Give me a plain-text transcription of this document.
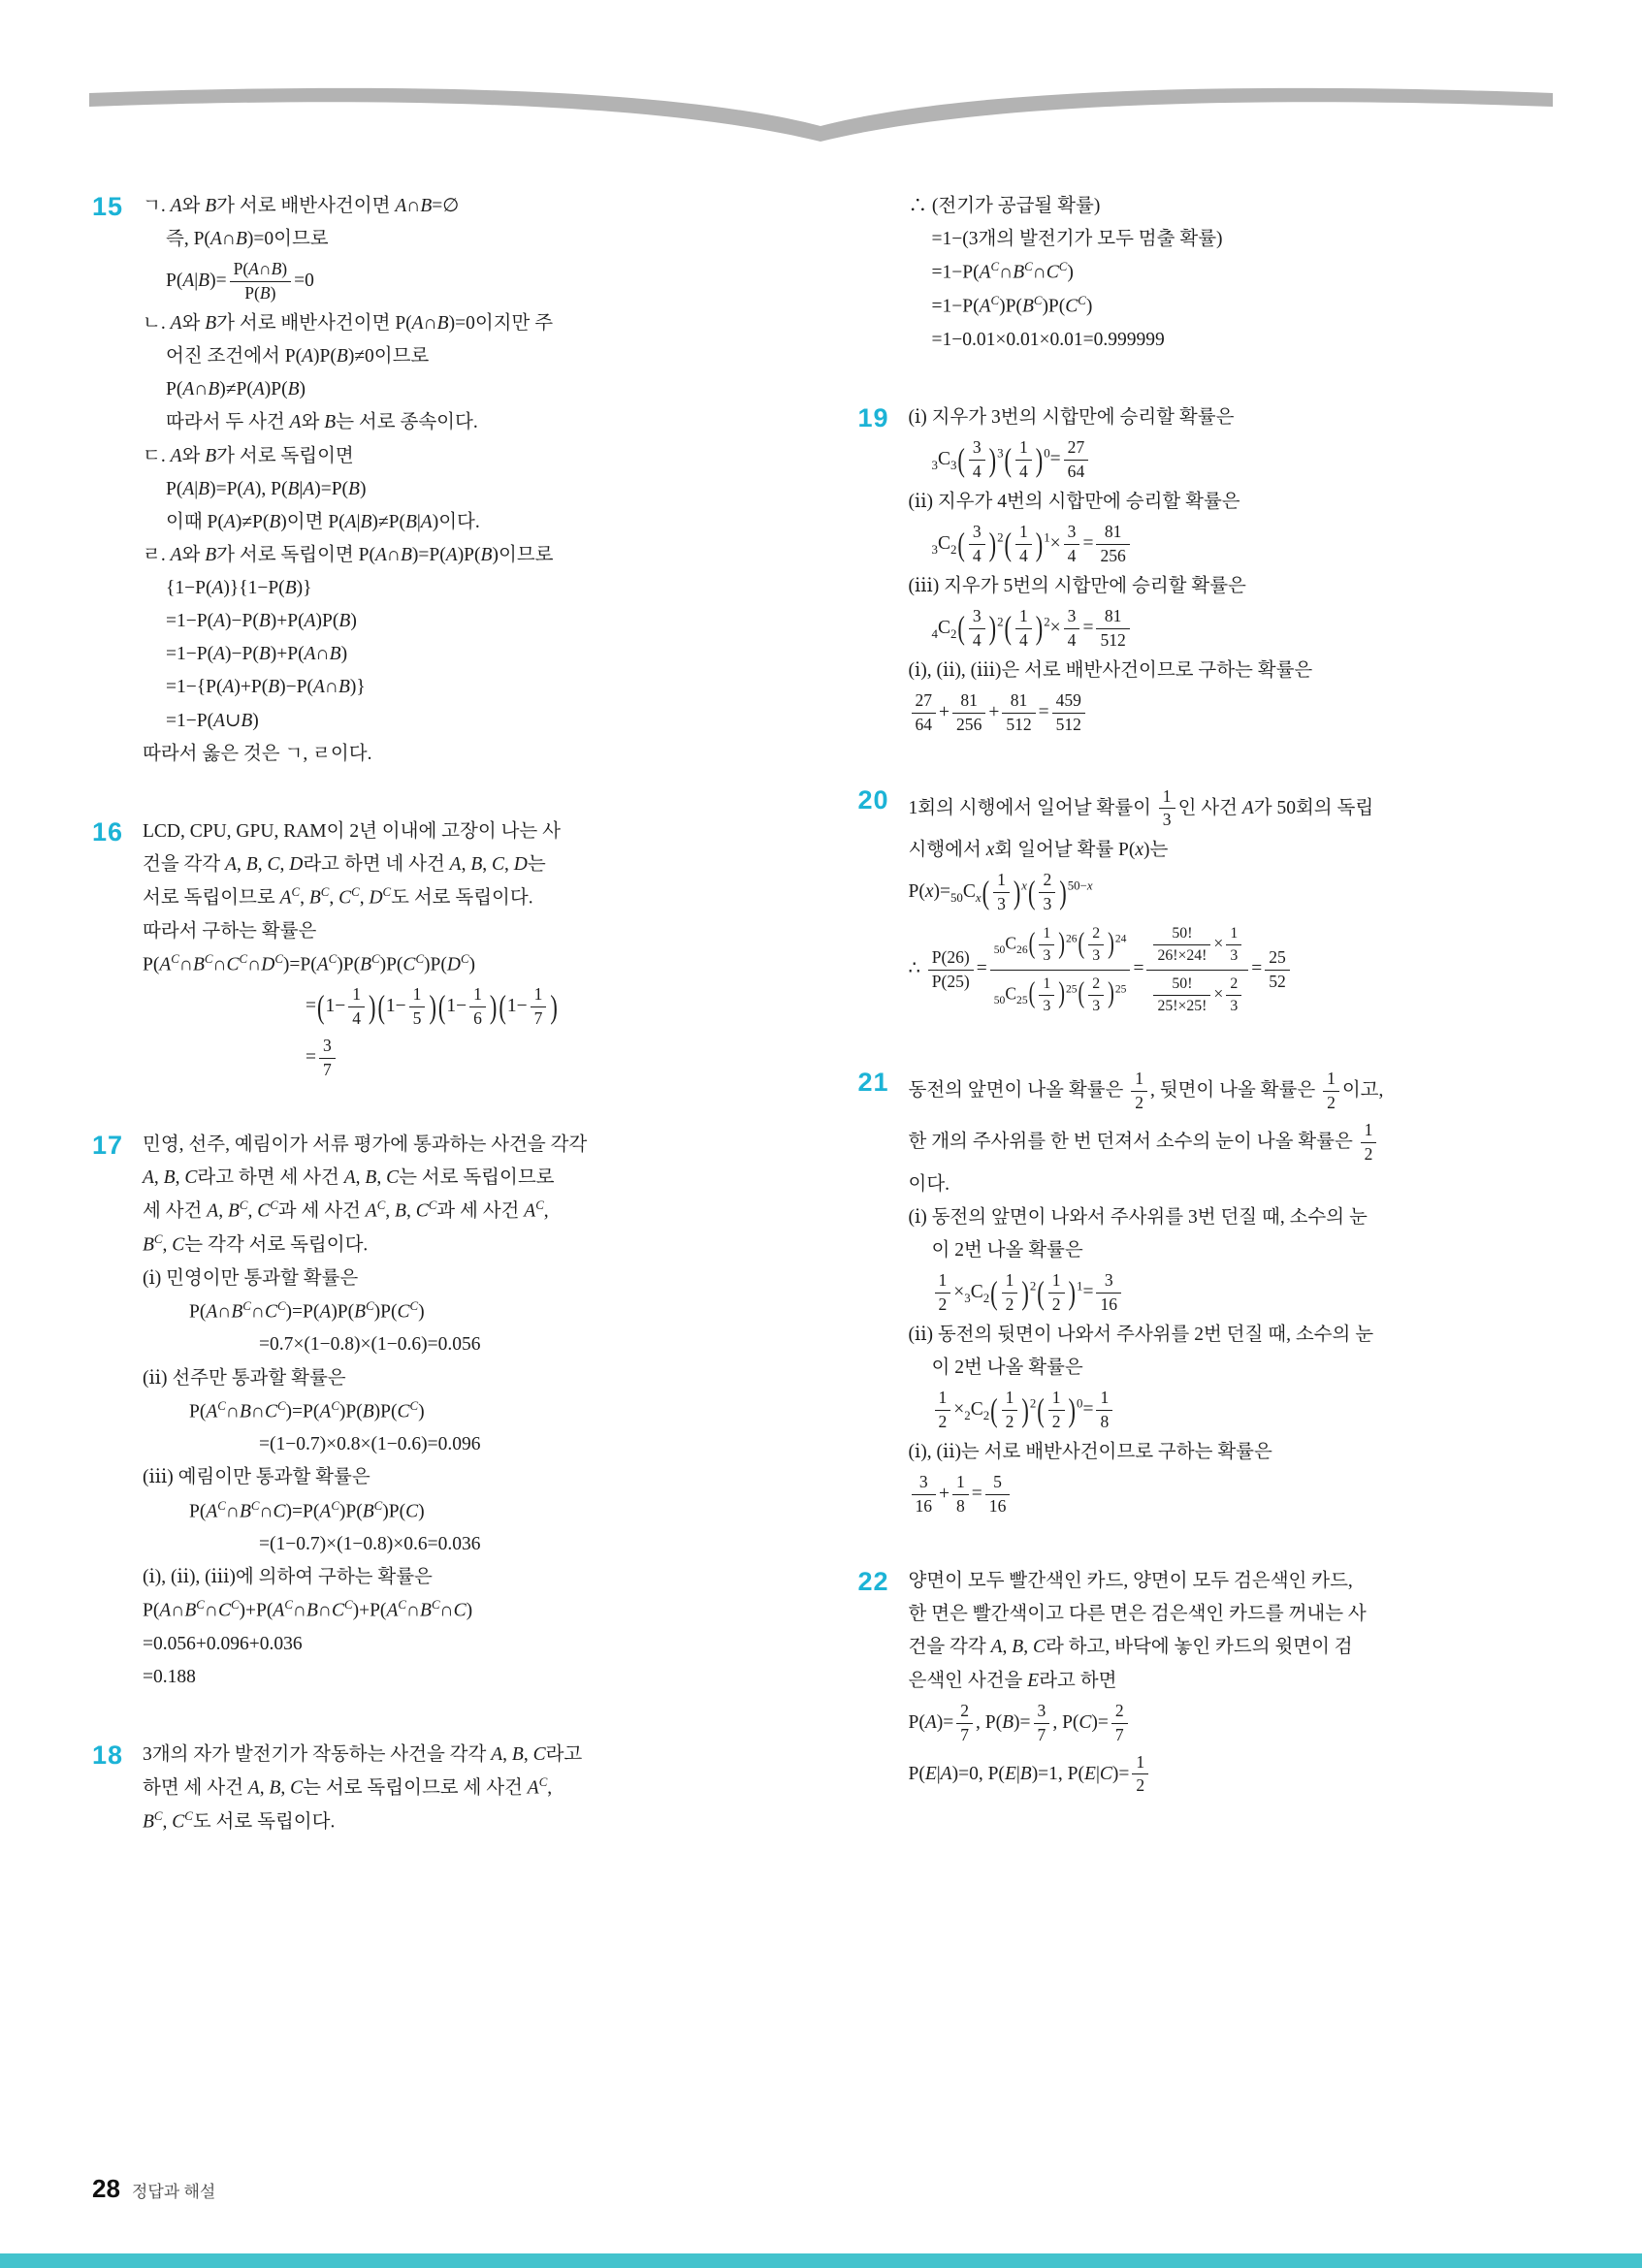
15 ㄱ. A와 B가 서로 배반사건이면 A∩B=∅
즉, P(A∩B)=0이므로
$P(A|B)= \frac{P(A\cap B)}{P(B)} =0$
ㄴ. A와 B가 서로 배반사건이면 P(A∩B)=0이지만 주
어진 조건에서 P(A)P(B)≠0이므로
P(A∩B)≠P(A)P(B)
따라서 두 사건 A와 B는 서로 종속이다.
ㄷ. A와 B가 서로 독립이면
P(A|B)=P(A), P(B|A)=P(B)
이때 P(A)≠P(B)이면 P(A|B)≠P(B|A)이다.
ㄹ. A와 B가 서로 독립이면 P(A∩B)=P(A)P(B)이므로
{1−P(A)}{1−P(B)}
=1−P(A)−P(B)+P(A)P(B)
=1−P(A)−P(B)+P(A∩B)
=1−{P(A)+P(B)−P(A∩B)}
=1−P(A∪B)
따라서 옳은 것은 ㄱ, ㄹ이다.
16 LCD, CPU, GPU, RAM이 2년 이내에 고장이 나는 사
건을 각각 A, B, C, D라고 하면 네 사건 A, B, C, D는
서로 독립이므로 $A^C$, $B^C$, $C^C$, $D^C$도 서로 독립이다.
따라서 구하는 확률은
$P(A^C\cap B^C\cap C^C\cap D^C)=P(A^C)P(B^C)P(C^C)P(D^C)$
$=(1- \frac{1}{4} )(1- \frac{1}{5} )(1- \frac{1}{6} )(1- \frac{1}{7}$ )
= $\frac{3}{7}$
17 민영, 선주, 예림이가 서류 평가에 통과하는 사건을 각각
A, B, C라고 하면 세 사건 A, B, C는 서로 독립이므로
세 사건 A, $B^C$, $C^C$과 세 사건 $A^C$, B, $C^C$과 세 사건 $A^C$,
$B^C$, C는 각각 서로 독립이다.
(ⅰ) 민영이만 통과할 확률은
$P(A\cap B^C\cap C^C)=P(A)P(B^C)P(C^C)$
=0.7×(1−0.8)×(1−0.6)=0.056
(ⅱ) 선주만 통과할 확률은
$P(A^C\cap B\cap C^C)=P(A^C)P(B)P(C^C)$
=(1−0.7)×0.8×(1−0.6)=0.096
(ⅲ) 예림이만 통과할 확률은
$P(A^C\cap B^C\cap C)=P(A^C)P(B^C)P(C)$
=(1−0.7)×(1−0.8)×0.6=0.036
(ⅰ), (ⅱ), (ⅲ)에 의하여 구하는 확률은
$P(A\cap B^C\cap C^C)+P(A^C\cap B\cap C^C)+P(A^C\cap B^C\cap C)$
=0.056+0.096+0.036
=0.188
18 3개의 자가 발전기가 작동하는 사건을 각각 A, B, C라고
하면 세 사건 A, B, C는 서로 독립이므로 세 사건 $A^C$,
$B^C$, $C^C$도 서로 독립이다.
∴ (전기가 공급될 확률)
=1−(3개의 발전기가 모두 멈출 확률)
$=1-P(A^C\cap B^C\cap C^C)$
$=1-P(A^C)P(B^C)P(C^C)$
=1−0.01×0.01×0.01=0.999999
19 (ⅰ) 지우가 3번의 시합만에 승리할 확률은
$_3C_3( \frac{3}{4} )^3( \frac{1}{4} )^0= \frac{27}{64}$
(ⅱ) 지우가 4번의 시합만에 승리할 확률은
$_3C_2( \frac{3}{4} )^2( \frac{1}{4} )^1\times \frac{3}{4} = \frac{81}{256}$
(ⅲ) 지우가 5번의 시합만에 승리할 확률은
$_4C_2( \frac{3}{4} )^2( \frac{1}{4} )^2\times \frac{3}{4} = \frac{81}{512}$
(ⅰ), (ⅱ), (ⅲ)은 서로 배반사건이므로 구하는 확률은
$\frac{27}{64} + \frac{81}{256} + \frac{81}{512} = \frac{459}{512}$
20 1회의 시행에서 일어날 확률이 $\frac{1}{3}$ 인 사건 A가 50회의 독립
시행에서 x회 일어날 확률 P(x)는
$P(x)=_{50}C_x( \frac{1}{3} )^x( \frac{2}{3} )^{50-x}$
∴ $\frac{P(26)}{P(25)} = \frac{_{50}C_{26}( \frac{1}{3} )^{26}( \frac{2}{3} )^{24}}{_{50}C_{25}( \frac{1}{3} )^{25}( \frac{2}{3} )^{25}} = \frac{\frac{50!}{26!\times 24!} \times \frac{1}{3}}{\frac{50!}{25!\times 25!} \times \frac{2}{3}} = \frac{25}{52}$
21 동전의 앞면이 나올 확률은 $\frac{1}{2}$ , 뒷면이 나올 확률은 $\frac{1}{2}$ 이고,
한 개의 주사위를 한 번 던져서 소수의 눈이 나올 확률은 $\frac{1}{2}$
이다.
(ⅰ) 동전의 앞면이 나와서 주사위를 3번 던질 때, 소수의 눈
이 2번 나올 확률은
$\frac{1}{2} \times_3C_2( \frac{1}{2} )^2( \frac{1}{2} )^1= \frac{3}{16}$
(ⅱ) 동전의 뒷면이 나와서 주사위를 2번 던질 때, 소수의 눈
이 2번 나올 확률은
$\frac{1}{2} \times_2C_2( \frac{1}{2} )^2( \frac{1}{2} )^0= \frac{1}{8}$
(ⅰ), (ⅱ)는 서로 배반사건이므로 구하는 확률은
$\frac{3}{16} + \frac{1}{8} = \frac{5}{16}$
22 양면이 모두 빨간색인 카드, 양면이 모두 검은색인 카드,
한 면은 빨간색이고 다른 면은 검은색인 카드를 꺼내는 사
건을 각각 A, B, C라 하고, 바닥에 놓인 카드의 윗면이 검
은색인 사건을 E라고 하면
$P(A)= \frac{2}{7}$ , $P(B)= \frac{3}{7}$ , $P(C)= \frac{2}{7}$
P(E|A)=0, P(E|B)=1, $P(E|C)= \frac{1}{2}$
28 정답과 해설
